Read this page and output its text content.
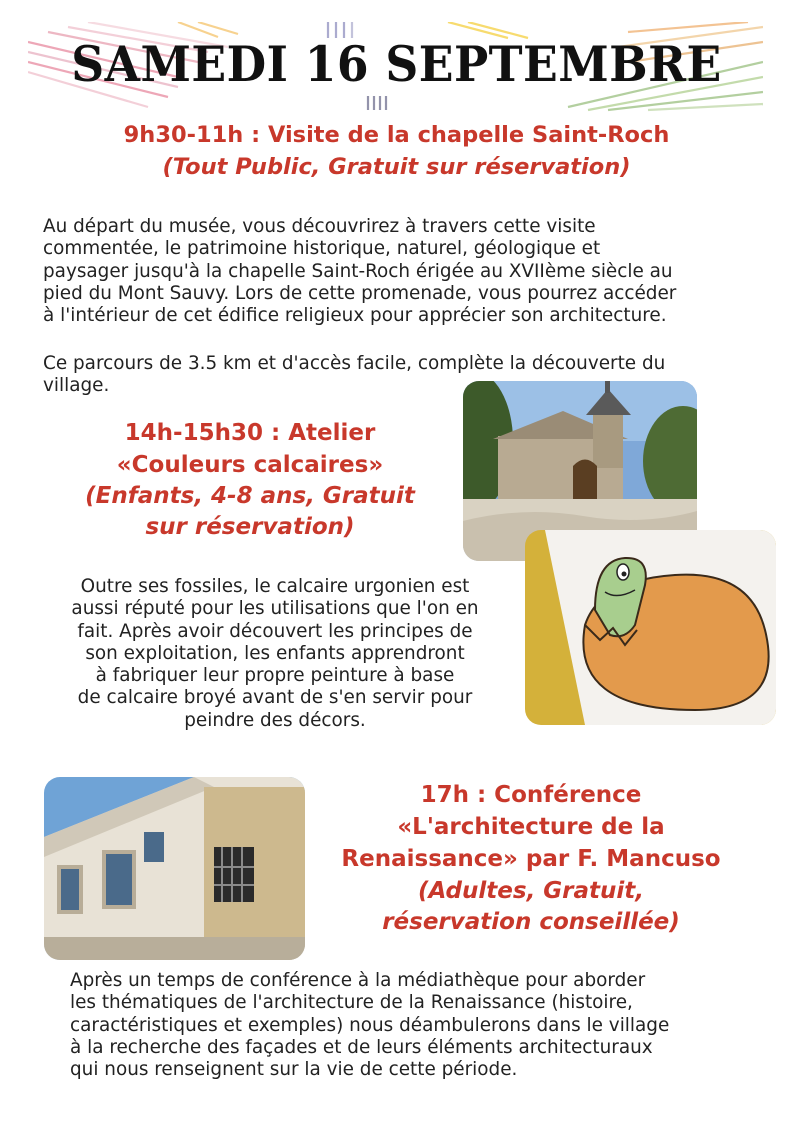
SAMEDI 16 SEPTEMBRE
9h30-11h : Visite de la chapelle Saint-Roch
(Tout Public, Gratuit sur réservation)
Au départ du musée, vous découvrirez à travers cette visite
commentée, le patrimoine historique, naturel, géologique et
paysager jusqu'à la chapelle Saint-Roch érigée au XVIIème siècle au
pied du Mont Sauvy. Lors de cette promenade, vous pourrez accéder
à l'intérieur de cet édifice religieux pour apprécier son architecture.
Ce parcours de 3.5 km et d'accès facile, complète la découverte du
village.
14h-15h30 : Atelier
«Couleurs calcaires»
(Enfants, 4-8 ans, Gratuit
sur réservation)
Outre ses fossiles, le calcaire urgonien est
aussi réputé pour les utilisations que l'on en
fait. Après avoir découvert les principes de
son exploitation, les enfants apprendront
à fabriquer leur propre peinture à base
de calcaire broyé avant de s'en servir pour
peindre des décors.
17h : Conférence
«L'architecture de la
Renaissance» par F. Mancuso
(Adultes, Gratuit,
réservation conseillée)
Après un temps de conférence à la médiathèque pour aborder
les thématiques de l'architecture de la Renaissance (histoire,
caractéristiques et exemples) nous déambulerons dans le village
à la recherche des façades et de leurs éléments architecturaux
qui nous renseignent sur la vie de cette période.
